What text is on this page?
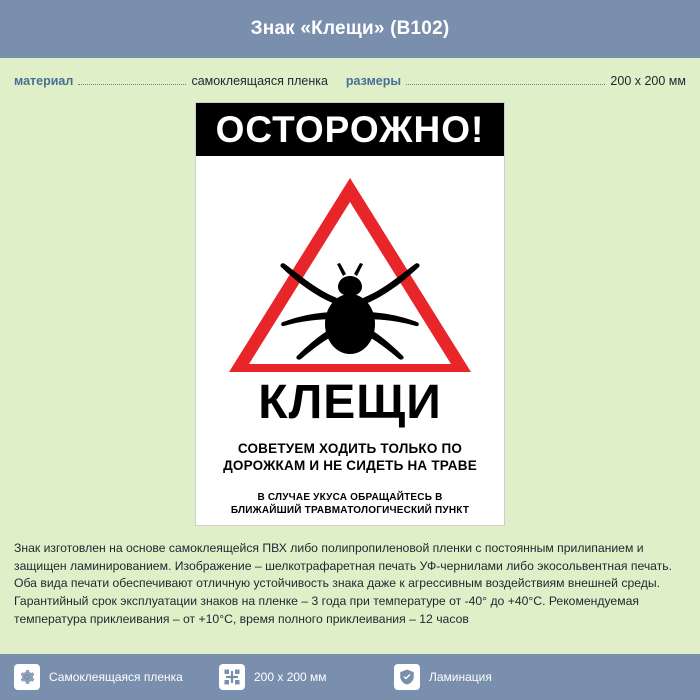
Знак «Клещи» (В102)
материал	самоклеящаяся пленка размеры	200 x 200 мм
ОСТОРОЖНО!
КЛЕЩИ
СОВЕТУЕМ ХОДИТЬ ТОЛЬКО ПО
ДОРОЖКАМ И НЕ СИДЕТЬ НА ТРАВЕ
В СЛУЧАЕ УКУСА ОБРАЩАЙТЕСЬ В
БЛИЖАЙШИЙ ТРАВМАТОЛОГИЧЕСКИЙ ПУНКТ
Знак изготовлен на основе самоклеящейся ПВХ либо полипропиленовой пленки с постоянным прилипанием и защищен ламинированием. Изображение – шелкотрафаретная печать УФ-чернилами либо экосольвентная печать. Оба вида печати обеспечивают отличную устойчивость знака даже к агрессивным воздействиям внешней среды. Гарантийный срок эксплуатации знаков на пленке – 3 года при температуре от -40° до +40°С. Рекомендуемая температура приклеивания – от +10°С, время полного приклеивания – 12 часов
Самоклеящаяся пленка	200 x 200 мм	Ламинация
